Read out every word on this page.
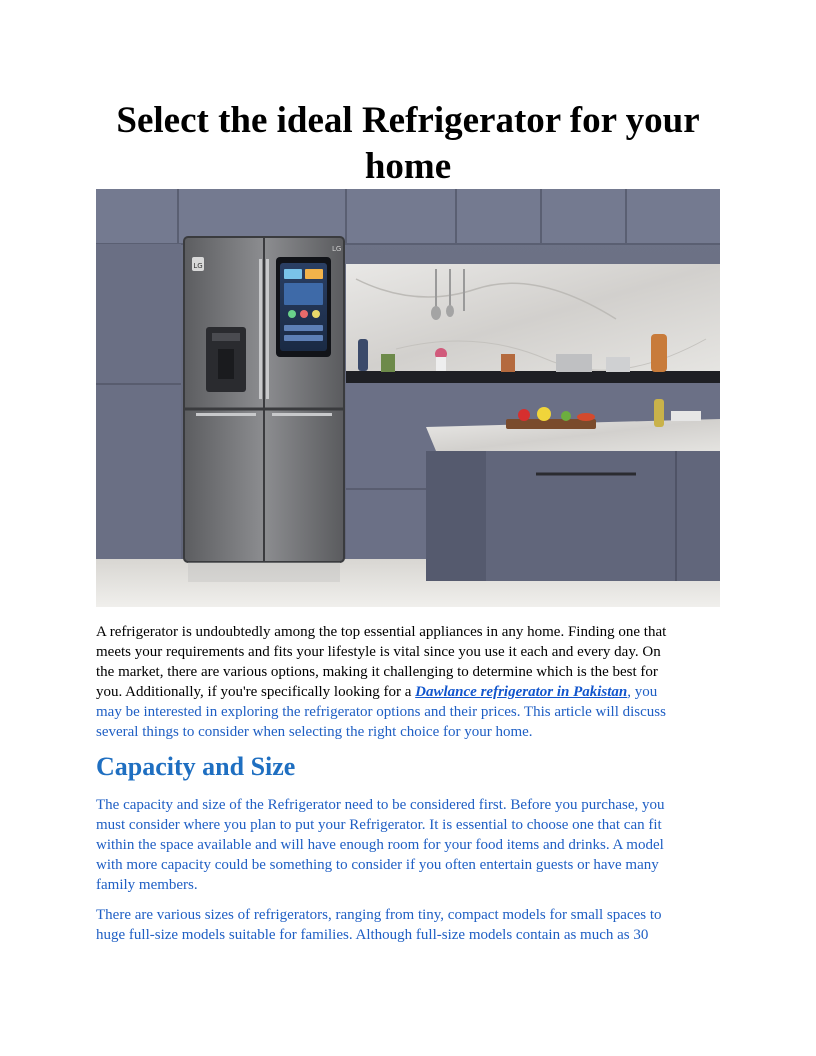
Select the ideal Refrigerator for your home
LG
LG
A refrigerator is undoubtedly among the top essential appliances in any home. Finding one that
meets your requirements and fits your lifestyle is vital since you use it each and every day. On
the market, there are various options, making it challenging to determine which is the best for
you. Additionally, if you're specifically looking for a Dawlance refrigerator in Pakistan, you
may be interested in exploring the refrigerator options and their prices. This article will discuss
several things to consider when selecting the right choice for your home.
Capacity and Size
The capacity and size of the Refrigerator need to be considered first. Before you purchase, you
must consider where you plan to put your Refrigerator. It is essential to choose one that can fit
within the space available and will have enough room for your food items and drinks. A model
with more capacity could be something to consider if you often entertain guests or have many
family members.
There are various sizes of refrigerators, ranging from tiny, compact models for small spaces to
huge full-size models suitable for families. Although full-size models contain as much as 30
